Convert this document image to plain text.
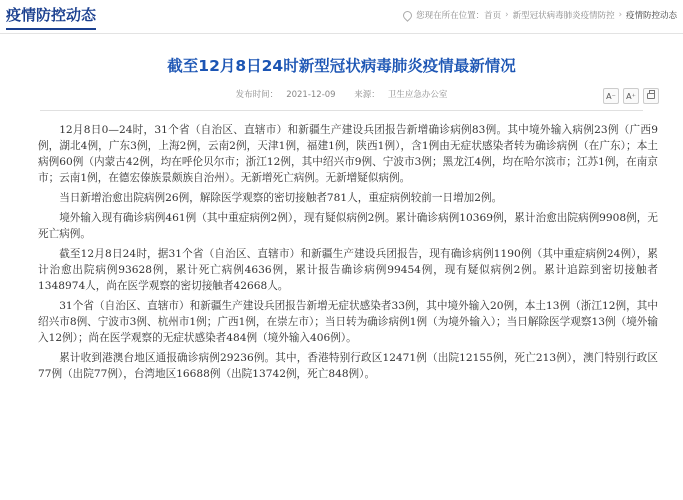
疫情防控动态	您现在所在位置： 首页 › 新型冠状病毒肺炎疫情防控 › 疫情防控动态
截至12月8日24时新型冠状病毒肺炎疫情最新情况
发布时间： 2021-12-09 来源： 卫生应急办公室	A⁻	A⁺

12月8日0—24时，31个省（自治区、直辖市）和新疆生产建设兵团报告新增确诊病例83例。其中境外输入病例23例（广西9例，湖北4例，广东3例，上海2例，云南2例，天津1例，福建1例，陕西1例），含1例由无症状感染者转为确诊病例（在广东）；本土病例60例（内蒙古42例，均在呼伦贝尔市；浙江12例，其中绍兴市9例、宁波市3例；黑龙江4例，均在哈尔滨市；江苏1例，在南京市；云南1例，在德宏傣族景颇族自治州）。无新增死亡病例。无新增疑似病例。

当日新增治愈出院病例26例，解除医学观察的密切接触者781人，重症病例较前一日增加2例。

境外输入现有确诊病例461例（其中重症病例2例），现有疑似病例2例。累计确诊病例10369例，累计治愈出院病例9908例，无死亡病例。

截至12月8日24时，据31个省（自治区、直辖市）和新疆生产建设兵团报告，现有确诊病例1190例（其中重症病例24例），累计治愈出院病例93628例，累计死亡病例4636例，累计报告确诊病例99454例，现有疑似病例2例。累计追踪到密切接触者1348974人，尚在医学观察的密切接触者42668人。

31个省（自治区、直辖市）和新疆生产建设兵团报告新增无症状感染者33例，其中境外输入20例，本土13例（浙江12例，其中绍兴市8例、宁波市3例、杭州市1例；广西1例，在崇左市）；当日转为确诊病例1例（为境外输入）；当日解除医学观察13例（境外输入12例）；尚在医学观察的无症状感染者484例（境外输入406例）。

累计收到港澳台地区通报确诊病例29236例。其中，香港特别行政区12471例（出院12155例，死亡213例），澳门特别行政区77例（出院77例），台湾地区16688例（出院13742例，死亡848例）。
